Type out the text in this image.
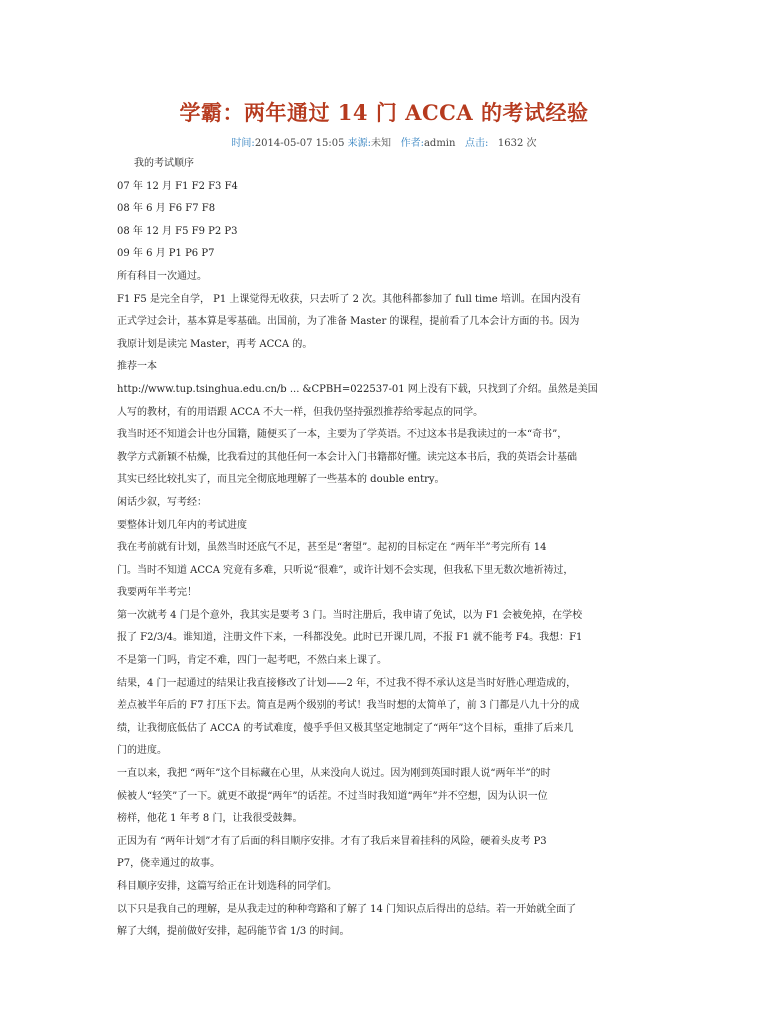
学霸：两年通过 14 门 ACCA 的考试经验
时间:2014-05-07 15:05 来源:未知 作者:admin 点击: 1632 次
我的考试顺序
07 年 12 月 F1 F2 F3 F4
08 年 6 月 F6 F7 F8
08 年 12 月 F5 F9 P2 P3
09 年 6 月 P1 P6 P7
所有科目一次通过。
F1 F5 是完全自学， P1 上课觉得无收获，只去听了 2 次。其他科都参加了 full time 培训。在国内没有
正式学过会计，基本算是零基础。出国前，为了准备 Master 的课程，提前看了几本会计方面的书。因为
我原计划是读完 Master，再考 ACCA 的。
推荐一本
http://www.tup.tsinghua.edu.cn/b ... &CPBH=022537-01 网上没有下载，只找到了介绍。虽然是美国
人写的教材，有的用语跟 ACCA 不大一样，但我仍坚持强烈推荐给零起点的同学。
我当时还不知道会计也分国籍，随便买了一本，主要为了学英语。不过这本书是我读过的一本“奇书”，
教学方式新颖不枯燥，比我看过的其他任何一本会计入门书籍都好懂。读完这本书后，我的英语会计基础
其实已经比较扎实了，而且完全彻底地理解了一些基本的 double entry。
闲话少叙，写考经：
要整体计划几年内的考试进度
我在考前就有计划，虽然当时还底气不足，甚至是“奢望”。起初的目标定在 “两年半”考完所有 14
门。当时不知道 ACCA 究竟有多难，只听说“很难”，或许计划不会实现，但我私下里无数次地祈祷过，
我要两年半考完！
第一次就考 4 门是个意外，我其实是要考 3 门。当时注册后，我申请了免试，以为 F1 会被免掉，在学校
报了 F2/3/4。谁知道，注册文件下来，一科都没免。此时已开课几周，不报 F1 就不能考 F4。我想：F1
不是第一门吗，肯定不难，四门一起考吧，不然白来上课了。
结果，4 门一起通过的结果让我直接修改了计划——2 年，不过我不得不承认这是当时好胜心理造成的，
差点被半年后的 F7 打压下去。简直是两个级别的考试！我当时想的太简单了，前 3 门都是八九十分的成
绩，让我彻底低估了 ACCA 的考试难度，傻乎乎但又极其坚定地制定了“两年”这个目标，重排了后来几
门的进度。
一直以来，我把 “两年”这个目标藏在心里，从来没向人说过。因为刚到英国时跟人说“两年半”的时
候被人“轻笑”了一下。就更不敢提“两年”的话茬。不过当时我知道“两年”并不空想，因为认识一位
榜样，他花 1 年考 8 门，让我很受鼓舞。
正因为有 “两年计划”才有了后面的科目顺序安排。才有了我后来冒着挂科的风险，硬着头皮考 P3
P7，侥幸通过的故事。
科目顺序安排，这篇写给正在计划选科的同学们。
以下只是我自己的理解，是从我走过的种种弯路和了解了 14 门知识点后得出的总结。若一开始就全面了
解了大纲，提前做好安排，起码能节省 1/3 的时间。
